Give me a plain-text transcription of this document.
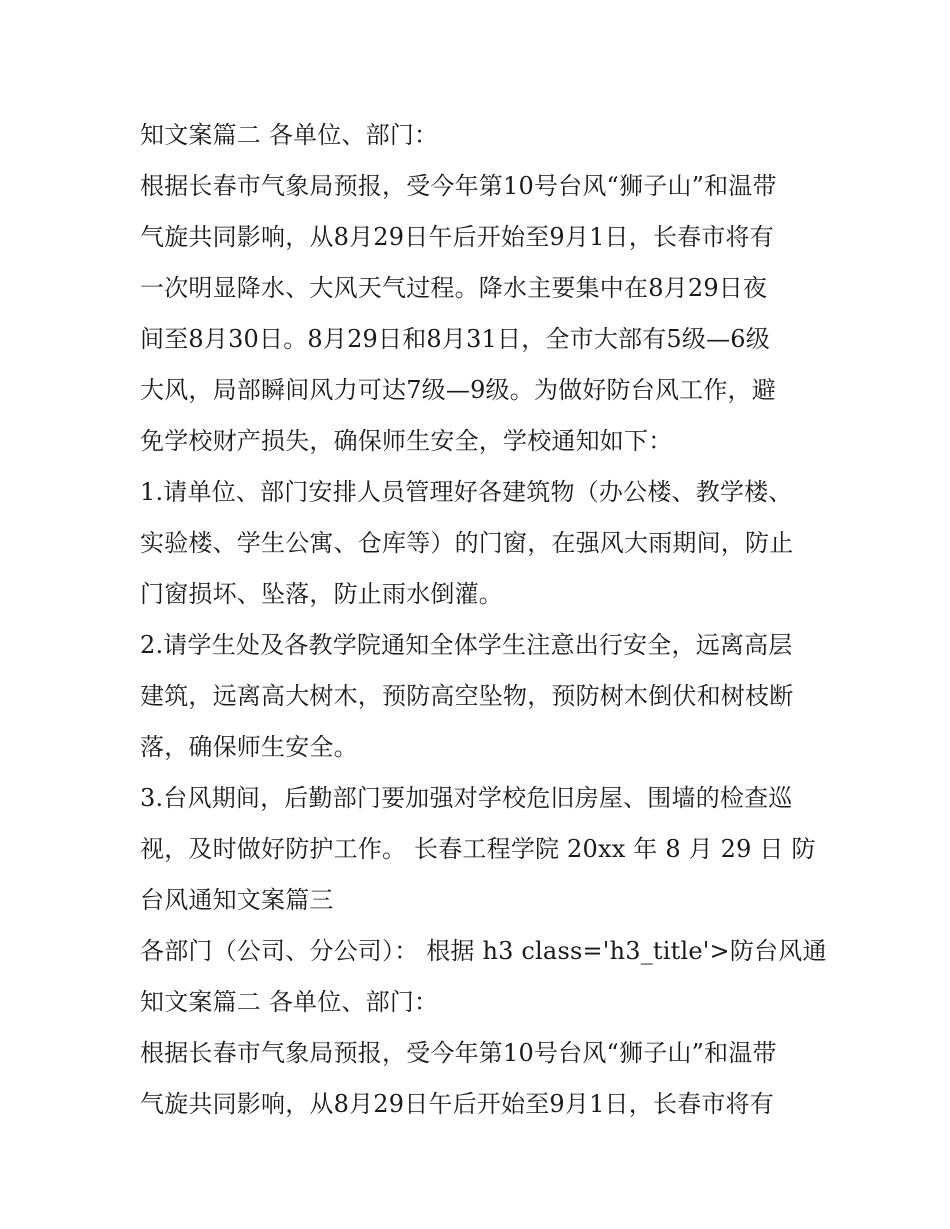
知文案篇二 各单位、部门：
根据长春市气象局预报，受今年第10号台风“狮子山”和温带
气旋共同影响，从8月29日午后开始至9月1日，长春市将有
一次明显降水、大风天气过程。降水主要集中在8月29日夜
间至8月30日。8月29日和8月31日，全市大部有5级—6级
大风，局部瞬间风力可达7级—9级。为做好防台风工作，避
免学校财产损失，确保师生安全，学校通知如下：
1.请单位、部门安排人员管理好各建筑物（办公楼、教学楼、
实验楼、学生公寓、仓库等）的门窗，在强风大雨期间，防止
门窗损坏、坠落，防止雨水倒灌。
2.请学生处及各教学院通知全体学生注意出行安全，远离高层
建筑，远离高大树木，预防高空坠物，预防树木倒伏和树枝断
落，确保师生安全。
3.台风期间，后勤部门要加强对学校危旧房屋、围墙的检查巡
视，及时做好防护工作。 长春工程学院 20xx 年 8 月 29 日 防
台风通知文案篇三
各部门（公司、分公司）： 根据 h3 class='h3_title'>防台风通
知文案篇二 各单位、部门：
根据长春市气象局预报，受今年第10号台风“狮子山”和温带
气旋共同影响，从8月29日午后开始至9月1日，长春市将有
